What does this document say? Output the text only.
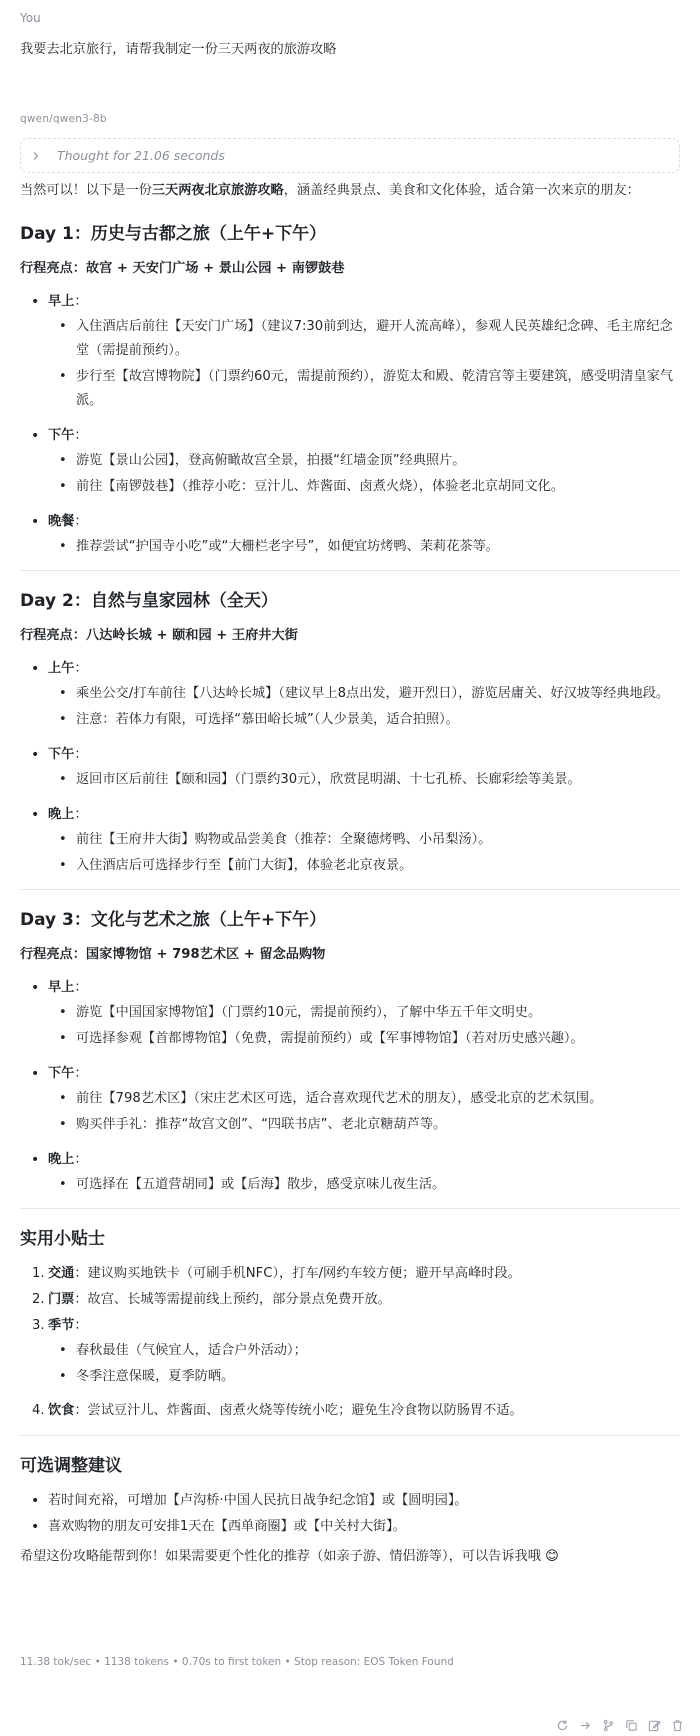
You
我要去北京旅行，请帮我制定一份三天两夜的旅游攻略
qwen/qwen3-8b
Thought for 21.06 seconds

当然可以！以下是一份三天两夜北京旅游攻略，涵盖经典景点、美食和文化体验，适合第一次来京的朋友：

Day 1：历史与古都之旅（上午+下午）

行程亮点：故宫 + 天安门广场 + 景山公园 + 南锣鼓巷

• 早上：
• 入住酒店后前往【天安门广场】（建议7:30前到达，避开人流高峰），参观人民英雄纪念碑、毛主席纪念堂（需提前预约）。
• 步行至【故宫博物院】（门票约60元，需提前预约），游览太和殿、乾清宫等主要建筑，感受明清皇家气派。
• 下午：
• 游览【景山公园】，登高俯瞰故宫全景，拍摄“红墙金顶”经典照片。
• 前往【南锣鼓巷】（推荐小吃：豆汁儿、炸酱面、卤煮火烧），体验老北京胡同文化。
• 晚餐：
• 推荐尝试“护国寺小吃”或“大栅栏老字号”，如便宜坊烤鸭、茉莉花茶等。
Day 2：自然与皇家园林（全天）

行程亮点：八达岭长城 + 颐和园 + 王府井大街

• 上午：
• 乘坐公交/打车前往【八达岭长城】（建议早上8点出发，避开烈日），游览居庸关、好汉坡等经典地段。
• 注意：若体力有限，可选择“慕田峪长城”（人少景美，适合拍照）。
• 下午：
• 返回市区后前往【颐和园】（门票约30元），欣赏昆明湖、十七孔桥、长廊彩绘等美景。
• 晚上：
• 前往【王府井大街】购物或品尝美食（推荐：全聚德烤鸭、小吊梨汤）。
• 入住酒店后可选择步行至【前门大街】，体验老北京夜景。
Day 3：文化与艺术之旅（上午+下午）

行程亮点：国家博物馆 + 798艺术区 + 留念品购物

• 早上：
• 游览【中国国家博物馆】（门票约10元，需提前预约），了解中华五千年文明史。
• 可选择参观【首都博物馆】（免费，需提前预约）或【军事博物馆】（若对历史感兴趣）。
• 下午：
• 前往【798艺术区】（宋庄艺术区可选，适合喜欢现代艺术的朋友），感受北京的艺术氛围。
• 购买伴手礼：推荐“故宫文创”、“四联书店”、老北京糖葫芦等。
• 晚上：
• 可选择在【五道营胡同】或【后海】散步，感受京味儿夜生活。
实用小贴士
1. 交通：建议购买地铁卡（可刷手机NFC），打车/网约车较方便；避开早高峰时段。
2. 门票：故宫、长城等需提前线上预约，部分景点免费开放。
3. 季节：
• 春秋最佳（气候宜人，适合户外活动）；
• 冬季注意保暖，夏季防晒。
4. 饮食：尝试豆汁儿、炸酱面、卤煮火烧等传统小吃；避免生冷食物以防肠胃不适。
可选调整建议
• 若时间充裕，可增加【卢沟桥·中国人民抗日战争纪念馆】或【圆明园】。
• 喜欢购物的朋友可安排1天在【西单商圈】或【中关村大街】。

希望这份攻略能帮到你！如果需要更个性化的推荐（如亲子游、情侣游等），可以告诉我哦 😊

11.38 tok/sec • 1138 tokens • 0.70s to first token • Stop reason: EOS Token Found
